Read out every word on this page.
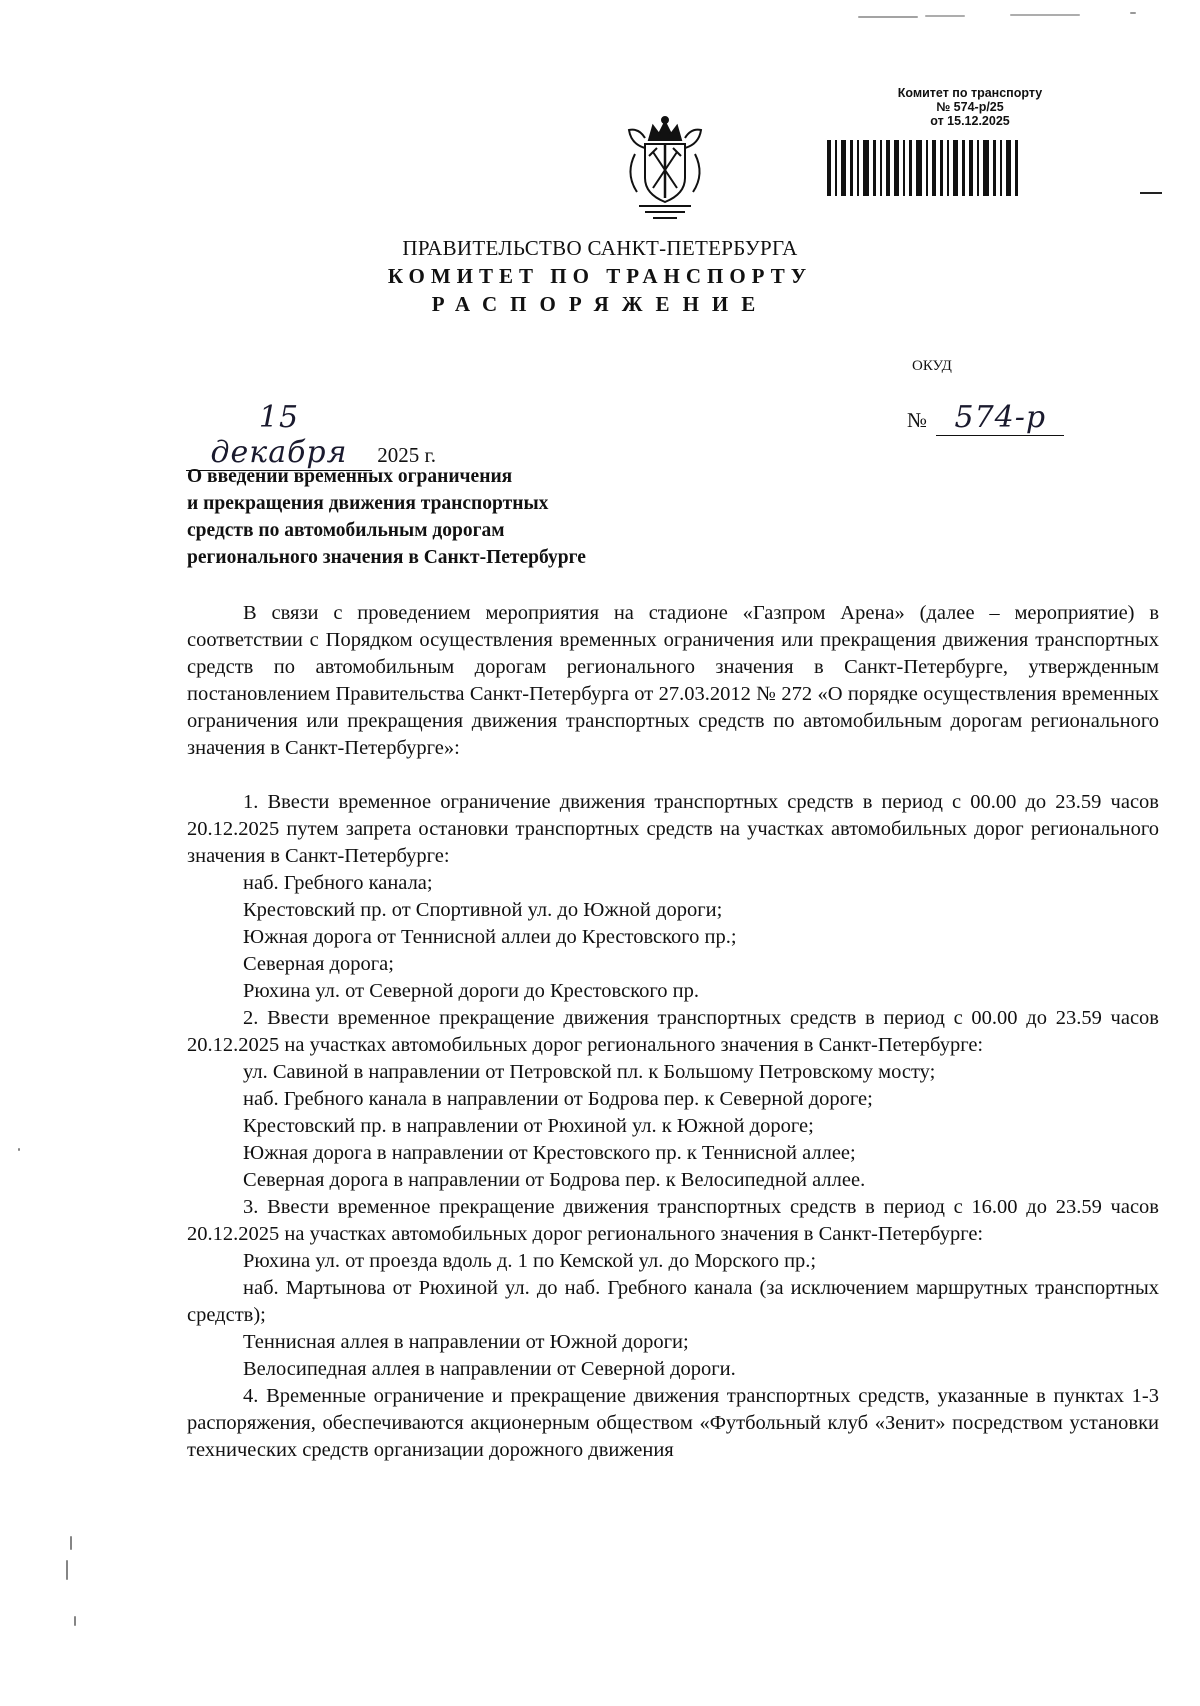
Комитет по транспорту
№ 574-р/25
от 15.12.2025
ПРАВИТЕЛЬСТВО САНКТ-ПЕТЕРБУРГА
КОМИТЕТ ПО ТРАНСПОРТУ
РАСПОРЯЖЕНИЕ
ОКУД
15 декабря 2025 г.
№ 574-р
О введении временных ограничения
и прекращения движения транспортных
средств по автомобильным дорогам
регионального значения в Санкт-Петербурге

В связи с проведением мероприятия на стадионе «Газпром Арена» (далее – мероприятие) в соответствии с Порядком осуществления временных ограничения или прекращения движения транспортных средств по автомобильным дорогам регионального значения в Санкт-Петербурге, утвержденным постановлением Правительства Санкт-Петербурга от 27.03.2012 № 272 «О порядке осуществления временных ограничения или прекращения движения транспортных средств по автомобильным дорогам регионального значения в Санкт-Петербурге»:

1. Ввести временное ограничение движения транспортных средств в период с 00.00 до 23.59 часов 20.12.2025 путем запрета остановки транспортных средств на участках автомобильных дорог регионального значения в Санкт-Петербурге:

наб. Гребного канала;

Крестовский пр. от Спортивной ул. до Южной дороги;

Южная дорога от Теннисной аллеи до Крестовского пр.;

Северная дорога;

Рюхина ул. от Северной дороги до Крестовского пр.

2. Ввести временное прекращение движения транспортных средств в период с 00.00 до 23.59 часов 20.12.2025 на участках автомобильных дорог регионального значения в Санкт-Петербурге:

ул. Савиной в направлении от Петровской пл. к Большому Петровскому мосту;

наб. Гребного канала в направлении от Бодрова пер. к Северной дороге;

Крестовский пр. в направлении от Рюхиной ул. к Южной дороге;

Южная дорога в направлении от Крестовского пр. к Теннисной аллее;

Северная дорога в направлении от Бодрова пер. к Велосипедной аллее.

3. Ввести временное прекращение движения транспортных средств в период с 16.00 до 23.59 часов 20.12.2025 на участках автомобильных дорог регионального значения в Санкт-Петербурге:

Рюхина ул. от проезда вдоль д. 1 по Кемской ул. до Морского пр.;

наб. Мартынова от Рюхиной ул. до наб. Гребного канала (за исключением маршрутных транспортных средств);

Теннисная аллея в направлении от Южной дороги;

Велосипедная аллея в направлении от Северной дороги.

4. Временные ограничение и прекращение движения транспортных средств, указанные в пунктах 1-3 распоряжения, обеспечиваются акционерным обществом «Футбольный клуб «Зенит» посредством установки технических средств организации дорожного движения
